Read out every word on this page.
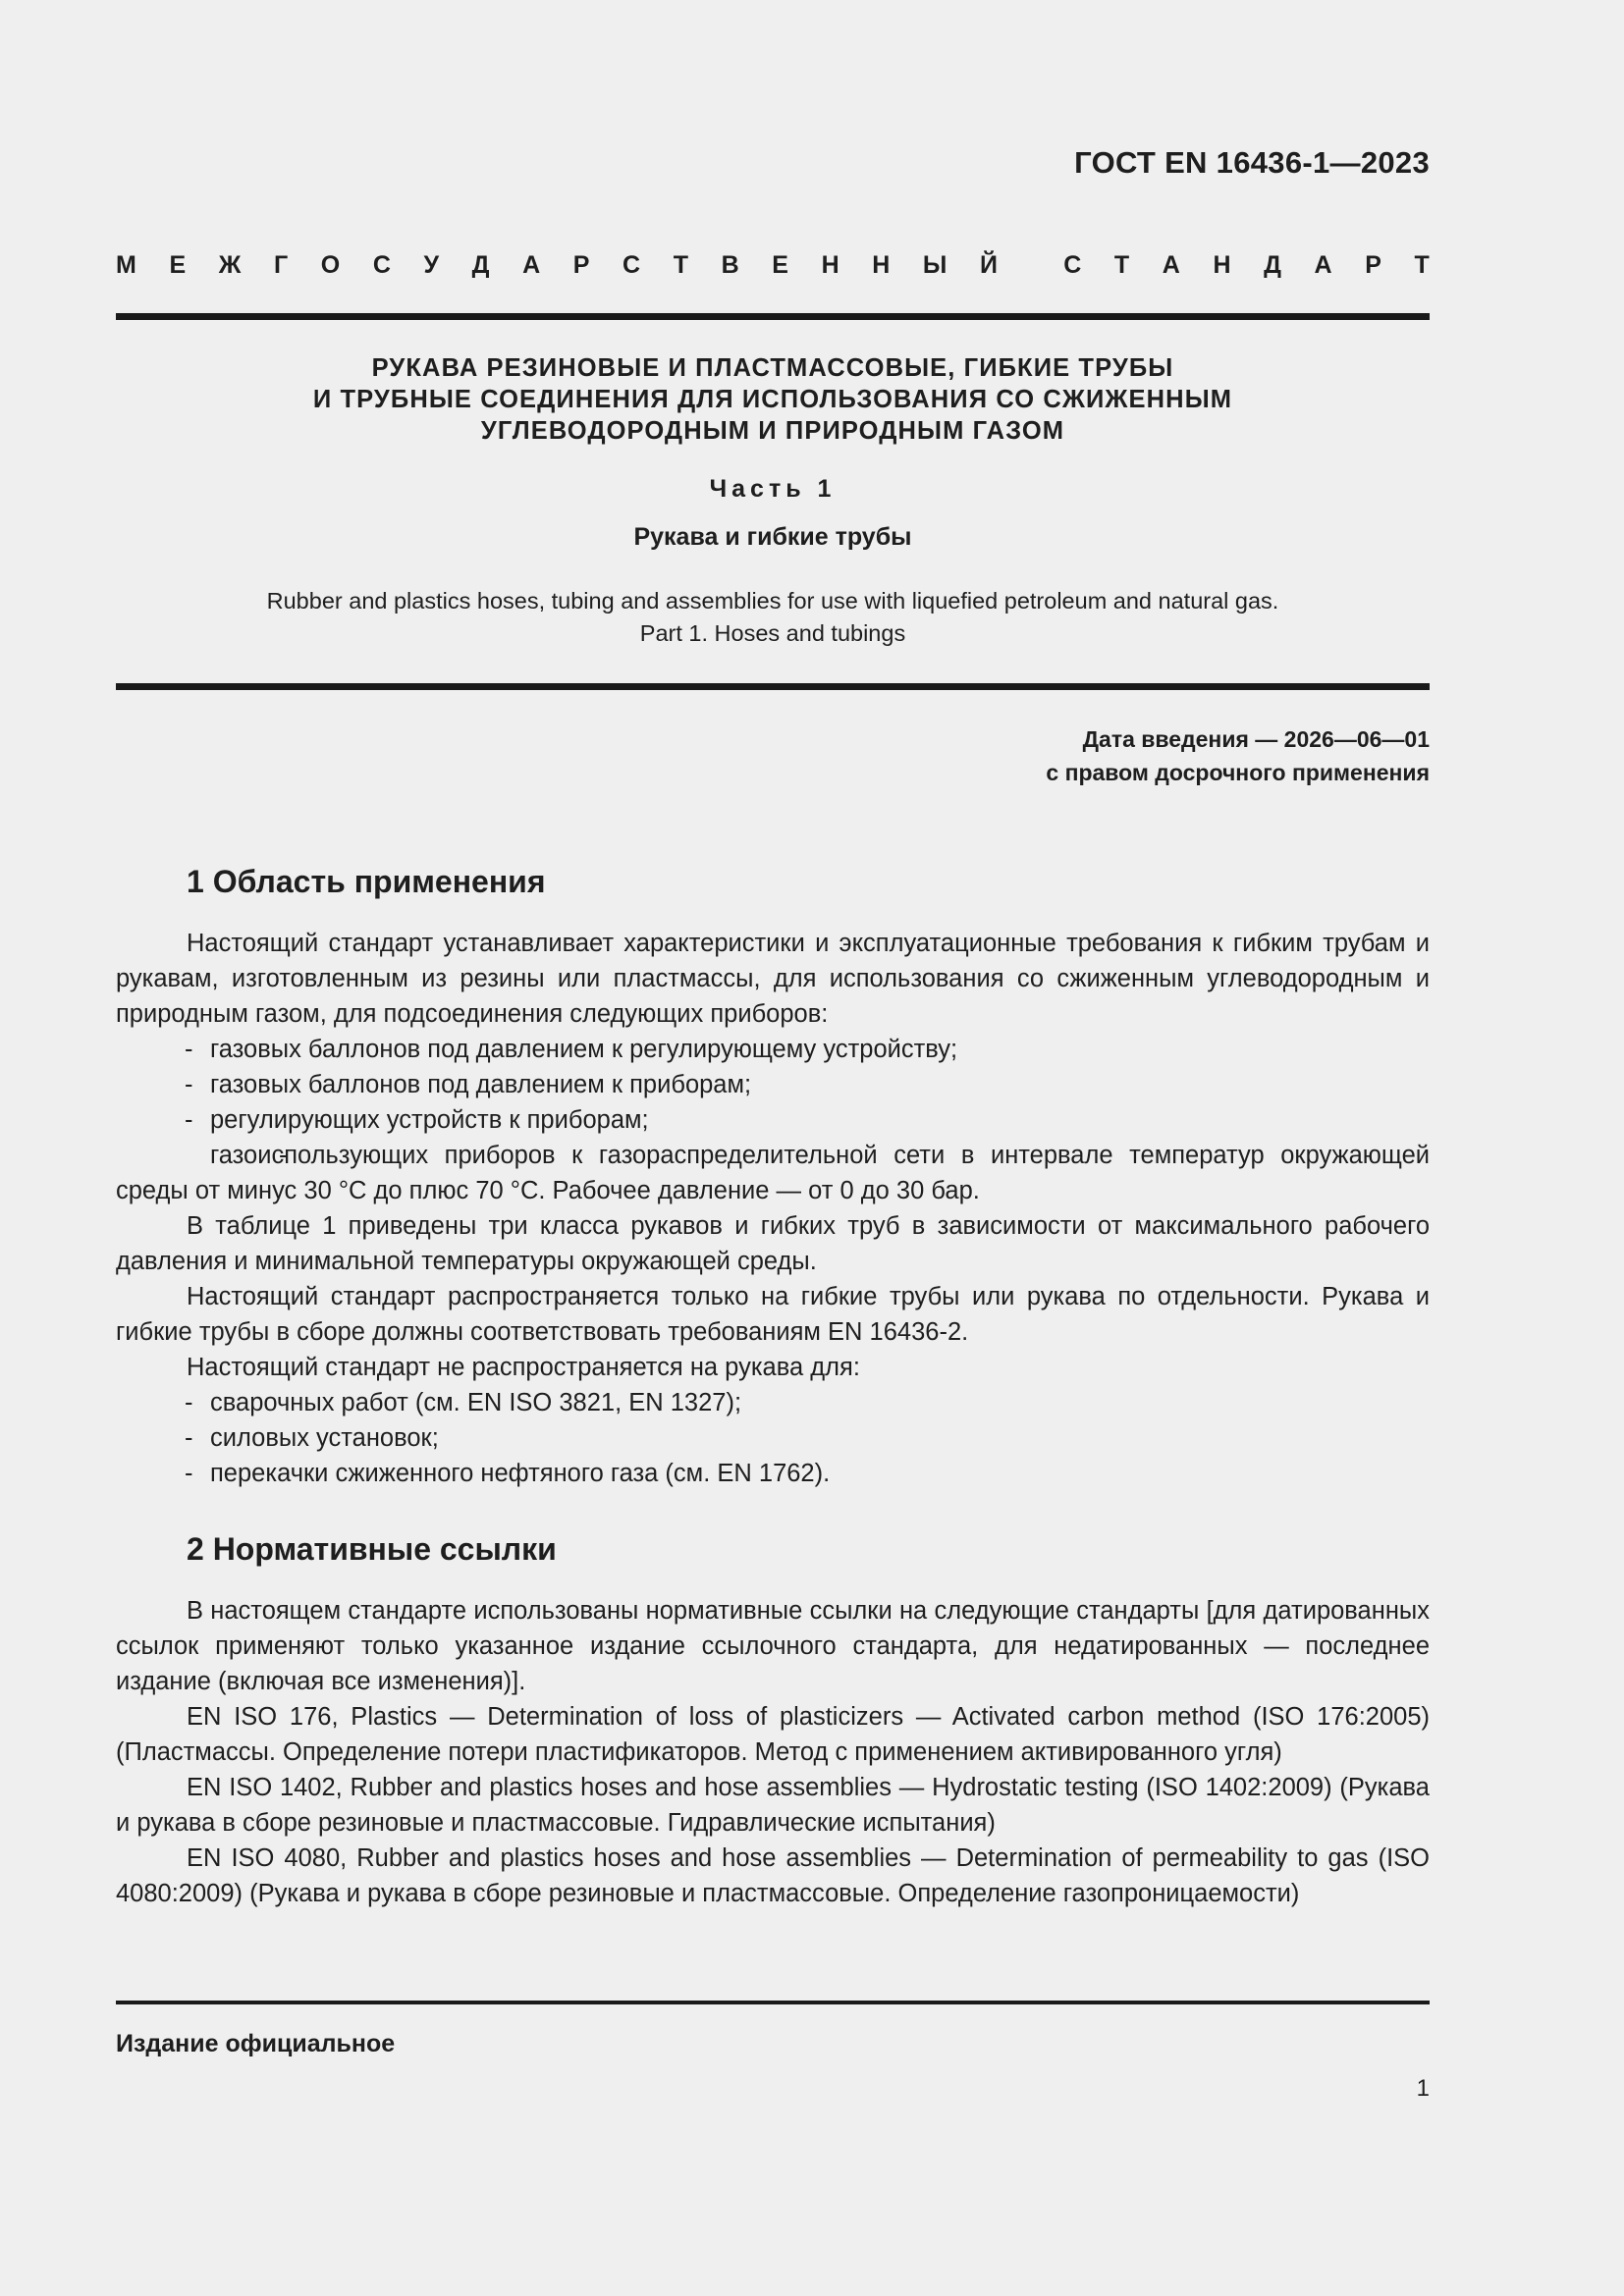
ГОСТ EN 16436-1—2023
М Е Ж Г О С У Д А Р С Т В Е Н Н Ы Й	С Т А Н Д А Р Т
РУКАВА РЕЗИНОВЫЕ И ПЛАСТМАССОВЫЕ, ГИБКИЕ ТРУБЫ
И ТРУБНЫЕ СОЕДИНЕНИЯ ДЛЯ ИСПОЛЬЗОВАНИЯ СО СЖИЖЕННЫМ
УГЛЕВОДОРОДНЫМ И ПРИРОДНЫМ ГАЗОМ
Часть 1
Рукава и гибкие трубы
Rubber and plastics hoses, tubing and assemblies for use with liquefied petroleum and natural gas.
Part 1. Hoses and tubings
Дата введения — 2026—06—01
с правом досрочного применения
1 Область применения
Настоящий стандарт устанавливает характеристики и эксплуатационные требования к гибким трубам и рукавам, изготовленным из резины или пластмассы, для использования со сжиженным углеводородным и природным газом, для подсоединения следующих приборов:
- газовых баллонов под давлением к регулирующему устройству;
- газовых баллонов под давлением к приборам;
- регулирующих устройств к приборам;
- газоиспользующих приборов к газораспределительной сети в интервале температур окружающей среды от минус 30 °С до плюс 70 °С. Рабочее давление — от 0 до 30 бар.
В таблице 1 приведены три класса рукавов и гибких труб в зависимости от максимального рабочего давления и минимальной температуры окружающей среды.
Настоящий стандарт распространяется только на гибкие трубы или рукава по отдельности. Рукава и гибкие трубы в сборе должны соответствовать требованиям EN 16436-2.
Настоящий стандарт не распространяется на рукава для:
- сварочных работ (см. EN ISO 3821, EN 1327);
- силовых установок;
- перекачки сжиженного нефтяного газа (см. EN 1762).
2 Нормативные ссылки
В настоящем стандарте использованы нормативные ссылки на следующие стандарты [для датированных ссылок применяют только указанное издание ссылочного стандарта, для недатированных — последнее издание (включая все изменения)].
EN ISO 176, Plastics — Determination of loss of plasticizers — Activated carbon method (ISO 176:2005) (Пластмассы. Определение потери пластификаторов. Метод с применением активированного угля)
EN ISO 1402, Rubber and plastics hoses and hose assemblies — Hydrostatic testing (ISO 1402:2009) (Рукава и рукава в сборе резиновые и пластмассовые. Гидравлические испытания)
EN ISO 4080, Rubber and plastics hoses and hose assemblies — Determination of permeability to gas (ISO 4080:2009) (Рукава и рукава в сборе резиновые и пластмассовые. Определение газопроницаемости)
Издание официальное
1
